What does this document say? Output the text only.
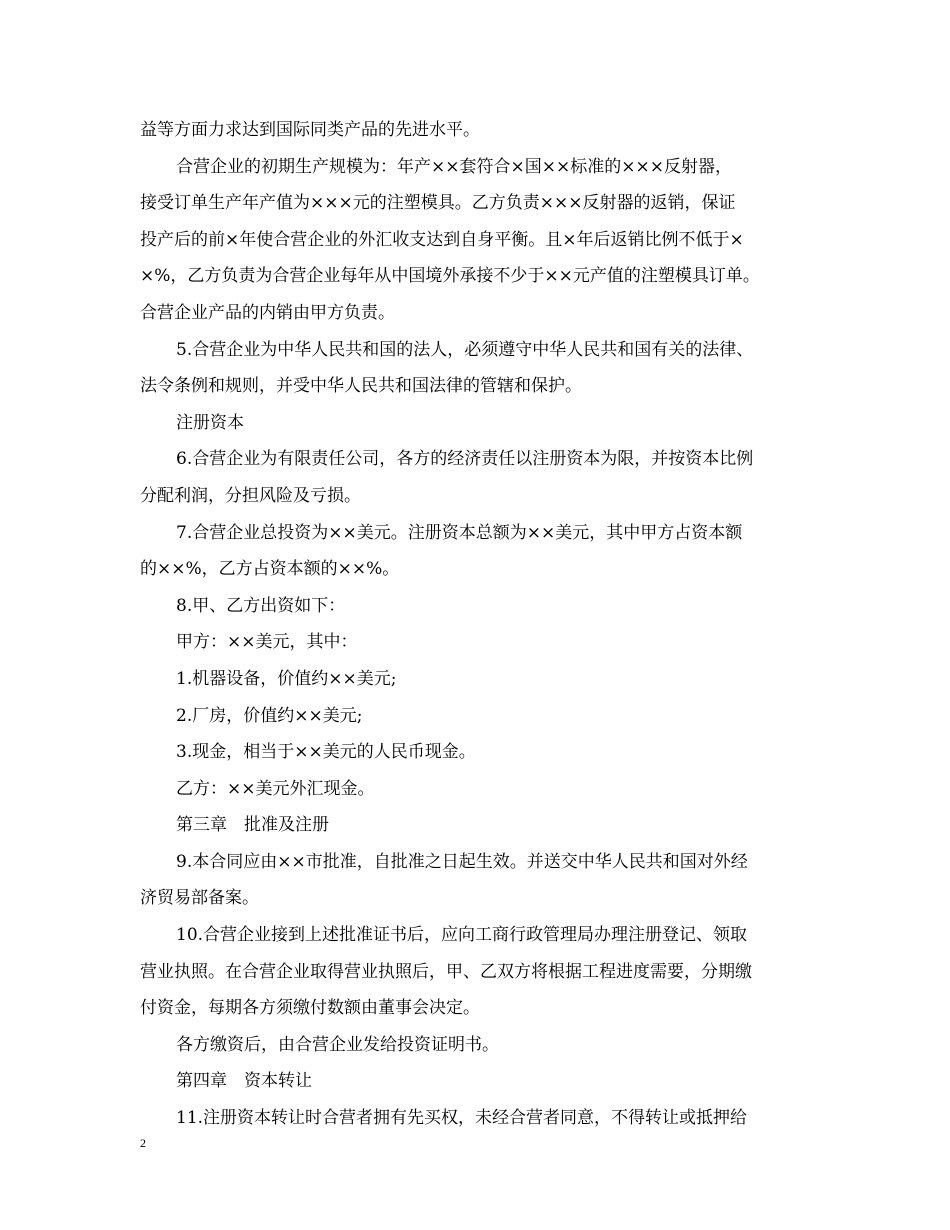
益等方面力求达到国际同类产品的先进水平。
合营企业的初期生产规模为：年产××套符合×国××标准的×××反射器，
接受订单生产年产值为×××元的注塑模具。乙方负责×××反射器的返销，保证
投产后的前×年使合营企业的外汇收支达到自身平衡。且×年后返销比例不低于×
×%，乙方负责为合营企业每年从中国境外承接不少于××元产值的注塑模具订单。
合营企业产品的内销由甲方负责。
5.合营企业为中华人民共和国的法人，必须遵守中华人民共和国有关的法律、
法令条例和规则，并受中华人民共和国法律的管辖和保护。
注册资本
6.合营企业为有限责任公司，各方的经济责任以注册资本为限，并按资本比例
分配利润，分担风险及亏损。
7.合营企业总投资为××美元。注册资本总额为××美元，其中甲方占资本额
的××%，乙方占资本额的××%。
8.甲、乙方出资如下：
甲方：××美元，其中：
1.机器设备，价值约××美元;
2.厂房，价值约××美元;
3.现金，相当于××美元的人民币现金。
乙方：××美元外汇现金。
第三章　批准及注册
9.本合同应由××市批准，自批准之日起生效。并送交中华人民共和国对外经
济贸易部备案。
10.合营企业接到上述批准证书后，应向工商行政管理局办理注册登记、领取
营业执照。在合营企业取得营业执照后，甲、乙双方将根据工程进度需要，分期缴
付资金，每期各方须缴付数额由董事会决定。
各方缴资后，由合营企业发给投资证明书。
第四章　资本转让
11.注册资本转让时合营者拥有先买权，未经合营者同意，不得转让或抵押给
2
